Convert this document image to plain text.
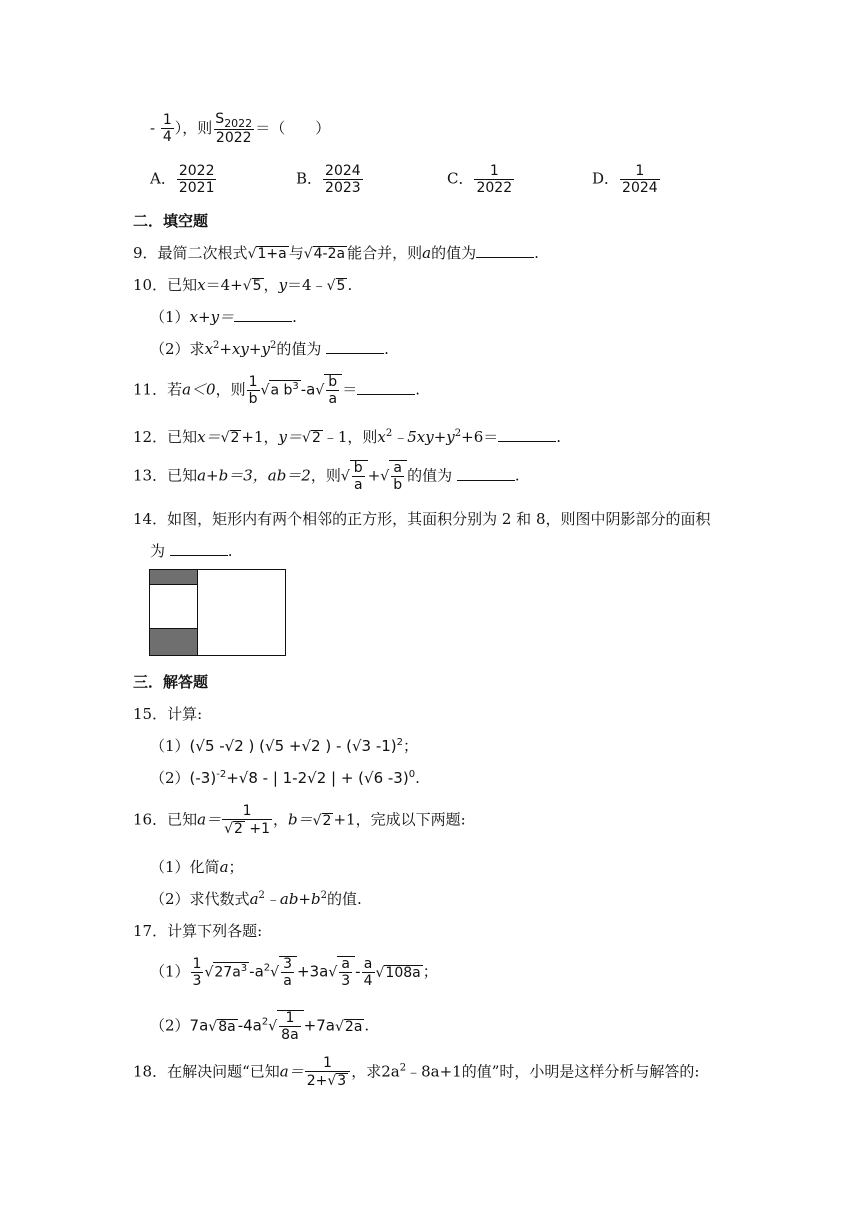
- $\frac{1}{4}$ ），则 $\frac{S_{2022}}{2022}$ ＝（　　）
A． $\frac{2022}{2021}$	B． $\frac{2024}{2023}$	C． $\frac{1}{2022}$	D． $\frac{1}{2024}$
二．填空题
9．最简二次根式√1+a 与√4-2a 能合并，则a的值为	.
10．已知x＝4+√5 ，y＝4﹣√5 .
（1）x+y＝	.
（2）求$x^2+xy+y^2$的值为	.
11．若a＜0，则 $\frac{1}{b} √a$ $b^3$ $-a√ \frac{b}{a}$ ＝	.
12．已知x＝√2 +1，y＝√2 ﹣1，则$x^2﹣5xy+y^2+6=$	.
13．已知a+b＝3，ab＝2，则√ $\frac{b}{a}$ +√ $\frac{a}{b}$ 的值为	.
14．如图，矩形内有两个相邻的正方形，其面积分别为 2 和 8，则图中阴影部分的面积
为	.
三．解答题
15．计算:
（1）(√5 -√2 ) (√5 +√2 ) - (√3 -1)$^2$；
$(2)(-3)^{-2}+√8$ - | 1-2√2 | + (√6 -3)$^0$.
16．已知$a= \frac{1}{√2 +1}$ ，b＝√2 +1，完成以下两题:
（1）化简a；
（2）求代数式$a^2﹣ab+b^2$的值.
17．计算下列各题:
$(1) \frac{1}{3} √27a^3$ $-a^2√ \frac{3}{a} +3a√ \frac{a}{3} - \frac{a}{4} √108a$ ；
（2）7a√8a $-4a^2√ \frac{1}{8a} +7a√2a$ .
18．在解决问题“已知$a= \frac{1}{2+√3}$ ，求$2a^2﹣8a+1$的值”时，小明是这样分析与解答的:
